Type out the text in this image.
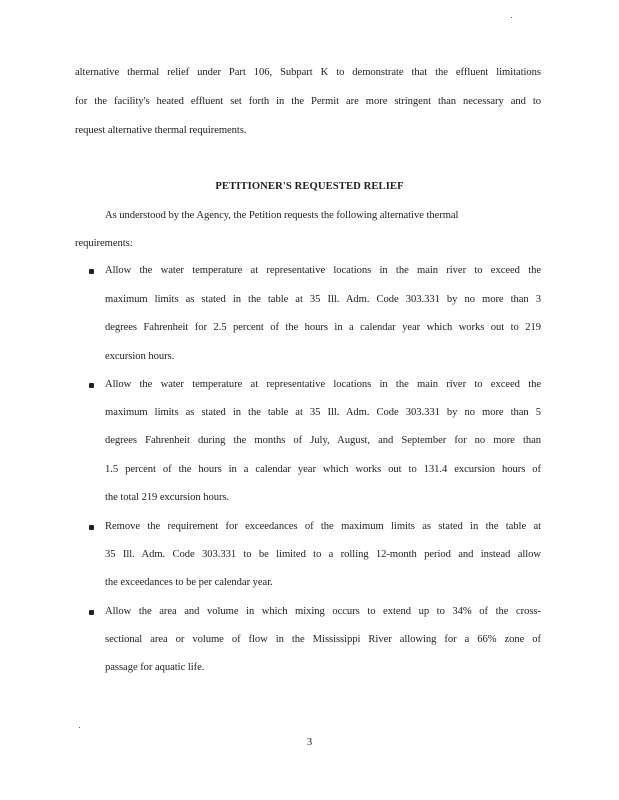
alternative thermal relief under Part 106, Subpart K to demonstrate that the effluent limitations
for the facility's heated effluent set forth in the Permit are more stringent than necessary and to
request alternative thermal requirements.
PETITIONER'S REQUESTED RELIEF
As understood by the Agency, the Petition requests the following alternative thermal
requirements:
Allow the water temperature at representative locations in the main river to exceed the
maximum limits as stated in the table at 35 Ill. Adm. Code 303.331 by no more than 3
degrees Fahrenheit for 2.5 percent of the hours in a calendar year which works out to 219
excursion hours.
Allow the water temperature at representative locations in the main river to exceed the
maximum limits as stated in the table at 35 Ill. Adm. Code 303.331 by no more than 5
degrees Fahrenheit during the months of July, August, and September for no more than
1.5 percent of the hours in a calendar year which works out to 131.4 excursion hours of
the total 219 excursion hours.
Remove the requirement for exceedances of the maximum limits as stated in the table at
35 Ill. Adm. Code 303.331 to be limited to a rolling 12-month period and instead allow
the exceedances to be per calendar year.
Allow the area and volume in which mixing occurs to extend up to 34% of the cross-
sectional area or volume of flow in the Mississippi River allowing for a 66% zone of
passage for aquatic life.
3
